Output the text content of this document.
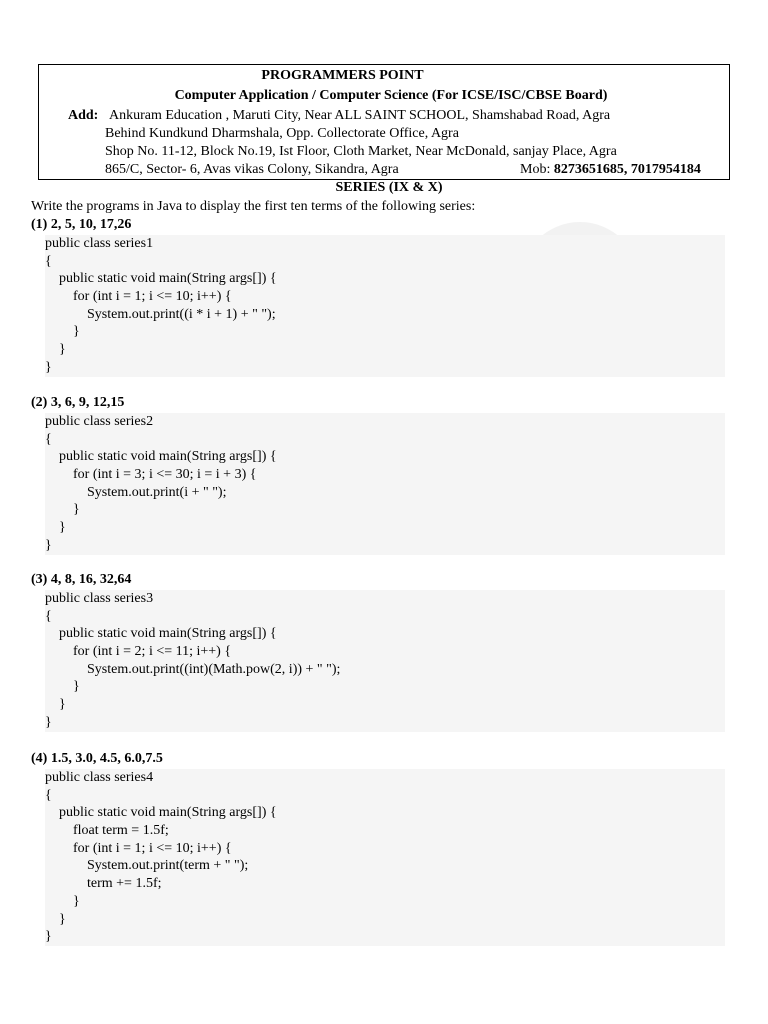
PROGRAMMERS POINT
Computer Application / Computer Science (For ICSE/ISC/CBSE Board)
Add: Ankuram Education , Maruti City, Near ALL SAINT SCHOOL, Shamshabad Road, Agra
Behind Kundkund Dharmshala, Opp. Collectorate Office, Agra
Shop No. 11-12, Block No.19, Ist Floor, Cloth Market, Near McDonald, sanjay Place, Agra
865/C, Sector- 6, Avas vikas Colony, Sikandra, Agra	Mob: 8273651685, 7017954184
SERIES (IX & X)
Write the programs in Java to display the first ten terms of the following series:
(1) 2, 5, 10, 17,26
public class series1
{
public static void main(String args[]) {
for (int i = 1; i <= 10; i++) {
System.out.print((i * i + 1) + " ");
}
}
}
(2) 3, 6, 9, 12,15
public class series2
{
public static void main(String args[]) {
for (int i = 3; i <= 30; i = i + 3) {
System.out.print(i + " ");
}
}
}
(3) 4, 8, 16, 32,64
public class series3
{
public static void main(String args[]) {
for (int i = 2; i <= 11; i++) {
System.out.print((int)(Math.pow(2, i)) + " ");
}
}
}
(4) 1.5, 3.0, 4.5, 6.0,7.5
public class series4
{
public static void main(String args[]) {
float term = 1.5f;
for (int i = 1; i <= 10; i++) {
System.out.print(term + " ");
term += 1.5f;
}
}
}
